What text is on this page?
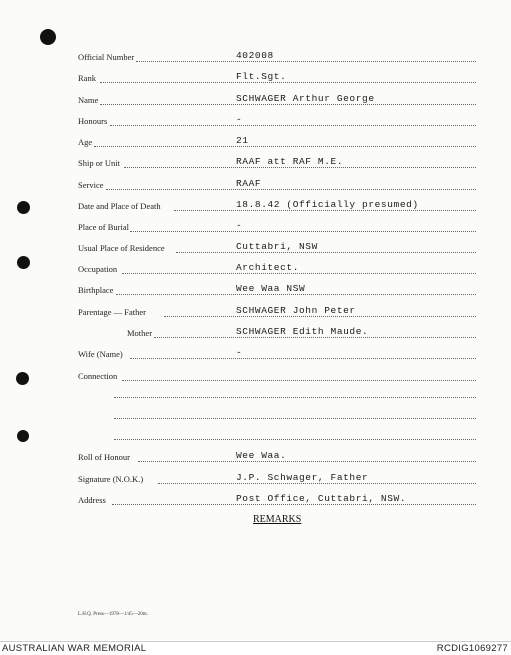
Official Number	402008
Rank	Flt.Sgt.
Name	SCHWAGER Arthur George
Honours	-
Age	21
Ship or Unit	RAAF att RAF M.E.
Service	RAAF
Date and Place of Death	18.8.42 (Officially presumed)
Place of Burial	-
Usual Place of Residence	Cuttabri, NSW
Occupation	Architect.
Birthplace	Wee Waa NSW
Parentage — Father	SCHWAGER John Peter
Mother	SCHWAGER Edith Maude.
Wife (Name)	-
Connection
Roll of Honour	Wee Waa.
Signature (N.O.K.)	J.P. Schwager, Father
Address	Post Office, Cuttabri, NSW.
REMARKS
L.H.Q. Press—1978—1/45—20m.
AUSTRALIAN WAR MEMORIAL	RCDIG1069277
